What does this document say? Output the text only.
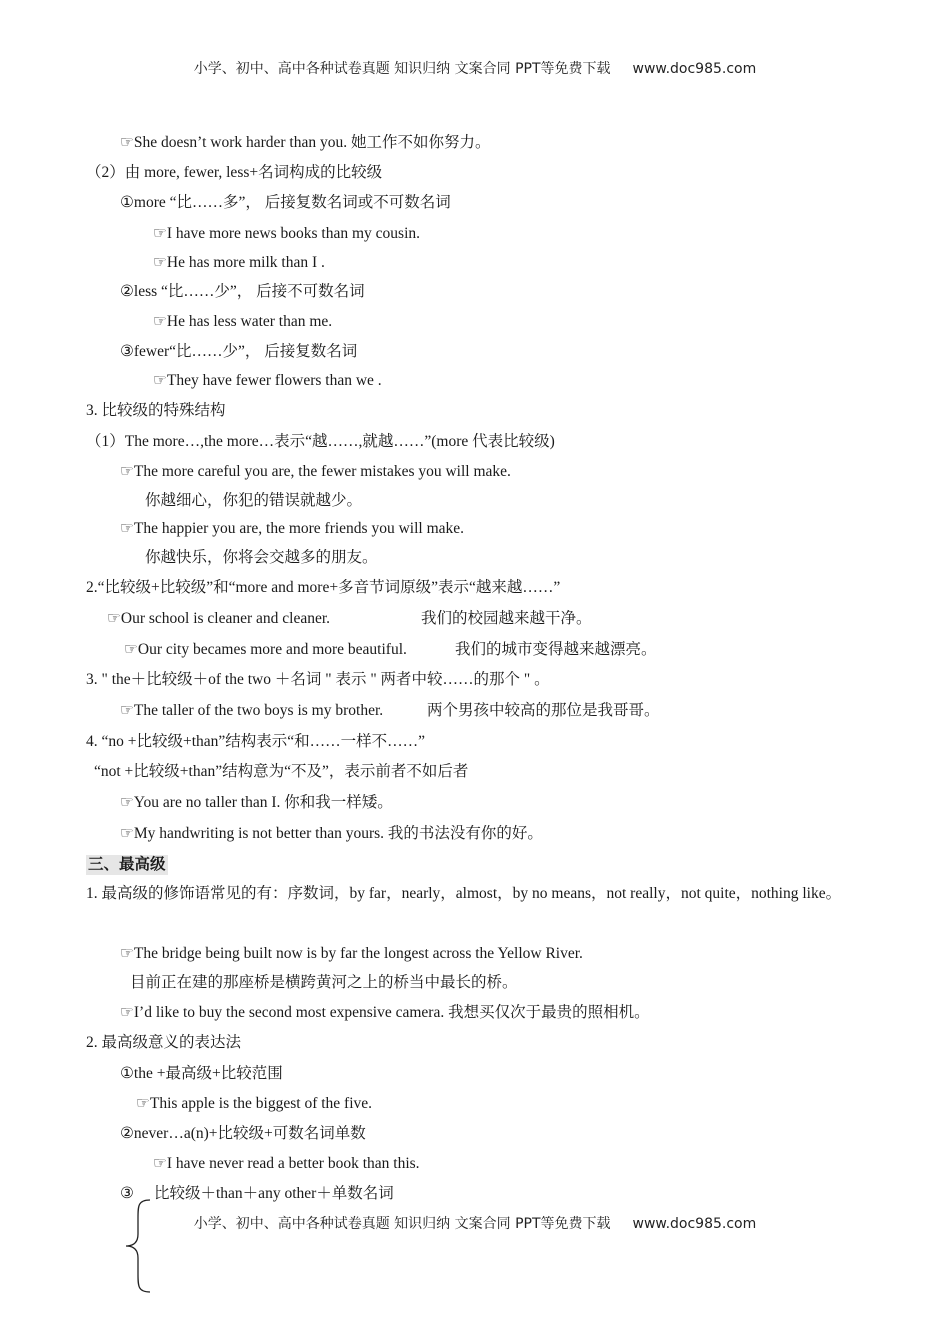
小学、初中、高中各种试卷真题 知识归纳 文案合同 PPT等免费下载 www.doc985.com
☞She doesn’t work harder than you. 她工作不如你努力。
（2）由 more, fewer, less+名词构成的比较级
①more “比……多”， 后接复数名词或不可数名词
☞I have more news books than my cousin.
☞He has more milk than I .
②less “比……少”， 后接不可数名词
☞He has less water than me.
③fewer“比……少”， 后接复数名词
☞They have fewer flowers than we .
3. 比较级的特殊结构
（1）The more…,the more…表示“越……,就越……”(more 代表比较级)
☞The more careful you are, the fewer mistakes you will make.
你越细心，你犯的错误就越少。
☞The happier you are, the more friends you will make.
你越快乐，你将会交越多的朋友。
2.“比较级+比较级”和“more and more+多音节词原级”表示“越来越……”
☞Our school is cleaner and cleaner.	我们的校园越来越干净。
☞Our city becames more and more beautiful.	我们的城市变得越来越漂亮。
3. " the＋比较级＋of the two ＋名词 " 表示 " 两者中较……的那个 " 。
☞The taller of the two boys is my brother.	两个男孩中较高的那位是我哥哥。
4. “no +比较级+than”结构表示“和……一样不……”
“not +比较级+than”结构意为“不及”，表示前者不如后者
☞You are no taller than I. 你和我一样矮。
☞My handwriting is not better than yours. 我的书法没有你的好。
三、最高级
1. 最高级的修饰语常见的有：序数词，by far，nearly，almost，by no means，not really，not quite，nothing like。
☞The bridge being built now is by far the longest across the Yellow River.
目前正在建的那座桥是横跨黄河之上的桥当中最长的桥。
☞I’d like to buy the second most expensive camera. 我想买仅次于最贵的照相机。
2. 最高级意义的表达法
①the +最高级+比较范围
☞This apple is the biggest of the five.
②never…a(n)+比较级+可数名词单数
☞I have never read a better book than this.
③ 比较级＋than＋any other＋单数名词
小学、初中、高中各种试卷真题 知识归纳 文案合同 PPT等免费下载 www.doc985.com
